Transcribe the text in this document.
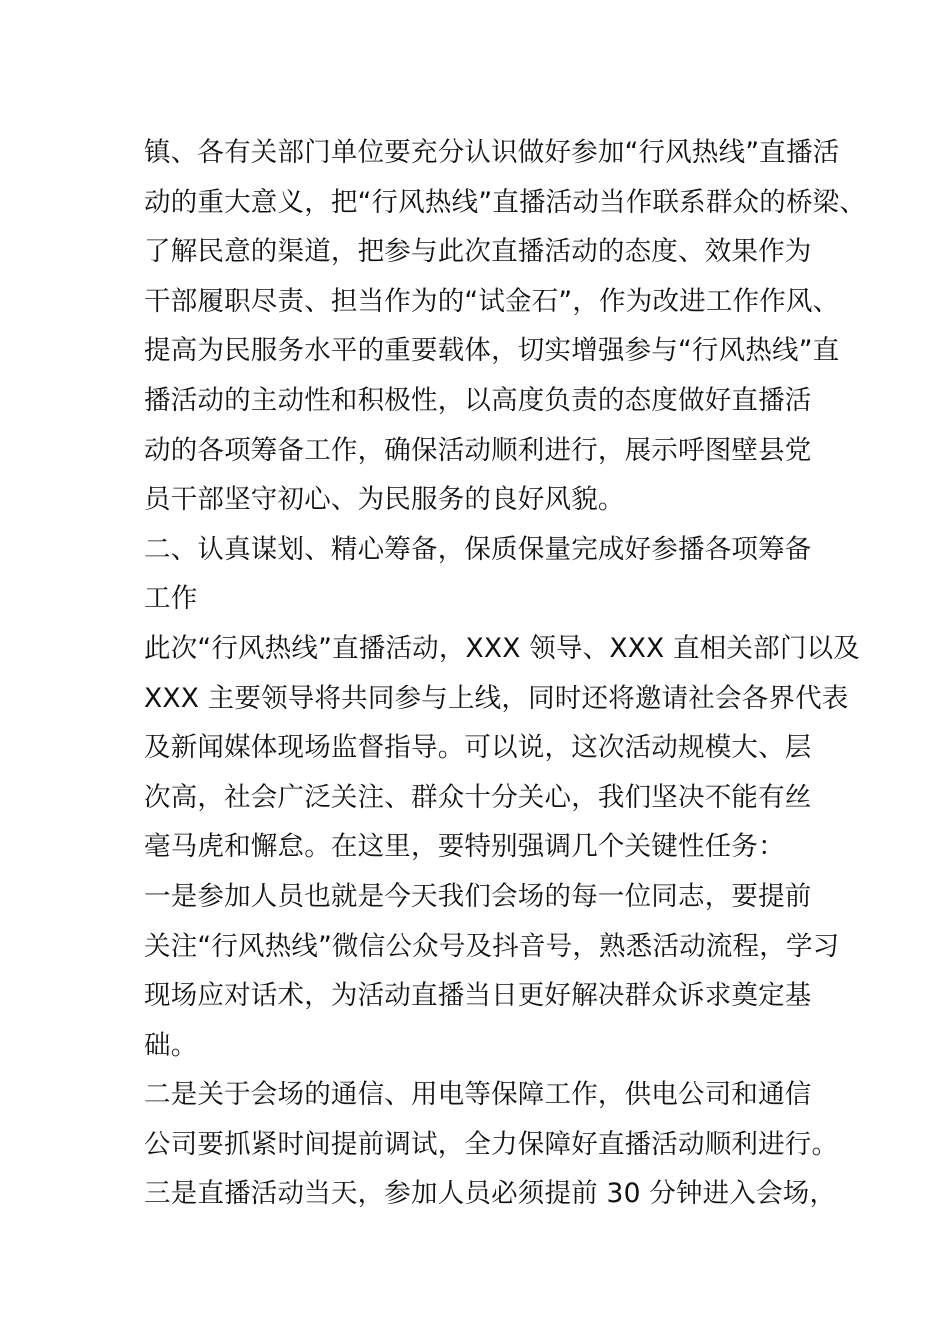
镇、各有关部门单位要充分认识做好参加“行风热线”直播活
动的重大意义，把“行风热线”直播活动当作联系群众的桥梁、
了解民意的渠道，把参与此次直播活动的态度、效果作为
干部履职尽责、担当作为的“试金石”，作为改进工作作风、
提高为民服务水平的重要载体，切实增强参与“行风热线”直
播活动的主动性和积极性，以高度负责的态度做好直播活
动的各项筹备工作，确保活动顺利进行，展示呼图壁县党
员干部坚守初心、为民服务的良好风貌。
二、认真谋划、精心筹备，保质保量完成好参播各项筹备
工作
此次“行风热线”直播活动，XXX 领导、XXX 直相关部门以及
XXX 主要领导将共同参与上线，同时还将邀请社会各界代表
及新闻媒体现场监督指导。可以说，这次活动规模大、层
次高，社会广泛关注、群众十分关心，我们坚决不能有丝
毫马虎和懈怠。在这里，要特别强调几个关键性任务：
一是参加人员也就是今天我们会场的每一位同志，要提前
关注“行风热线”微信公众号及抖音号，熟悉活动流程，学习
现场应对话术，为活动直播当日更好解决群众诉求奠定基
础。
二是关于会场的通信、用电等保障工作，供电公司和通信
公司要抓紧时间提前调试，全力保障好直播活动顺利进行。
三是直播活动当天，参加人员必须提前 30 分钟进入会场，
